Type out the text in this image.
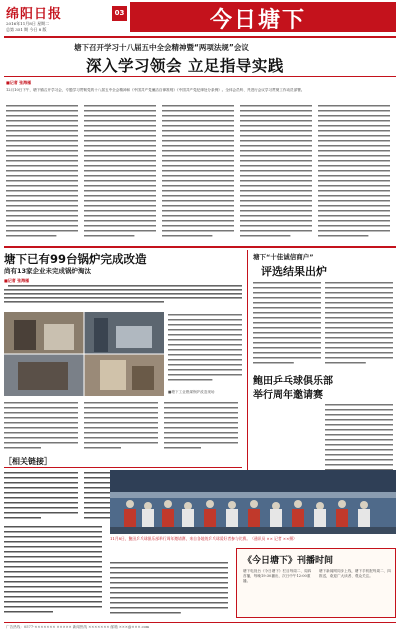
绵阳日报
2016年11月8日 星期二
总第 351 期 今日 8 版
03	今日塘下
塘下召开学习十八届五中全会精神暨“两项法规”会议
深入学习领会 立足指导实践
■记者 张海雁
12月10日下午，塘下镇召开学习会，专题学习贯彻党的十八届五中全会精神和《中国共产党廉洁自律准则》《中国共产党纪律处分条例》。全体会员听、并进行会议学习贯彻工作动员部署。
塘下已有99台锅炉完成改造
尚有13家企业未完成锅炉淘汰
■记者 张海雁
■塘下工业燃煤锅炉改造现场
［相关链接］
塘下“十佳诚信商户”
评选结果出炉
鲍田乒乓球俱乐部
举行周年邀请赛
11月8日，鲍田乒乓球俱乐部举行周年邀请赛，来自各地的乒乓球爱好者参与比赛。（通讯员 ×× 记者 ××摄）
《今日塘下》刊播时间
塘下电视台《今日塘下》栏目每周二、周四首播，每晚19:30播出，次日中午12:00重播。
塘下新闻网同步上线，塘下手机报每周二、四推送，欢迎广大读者、观众关注。
广告热线：0577-××××××× ××××× 新闻热线 ××××××× 邮箱 ×××@×××.com
